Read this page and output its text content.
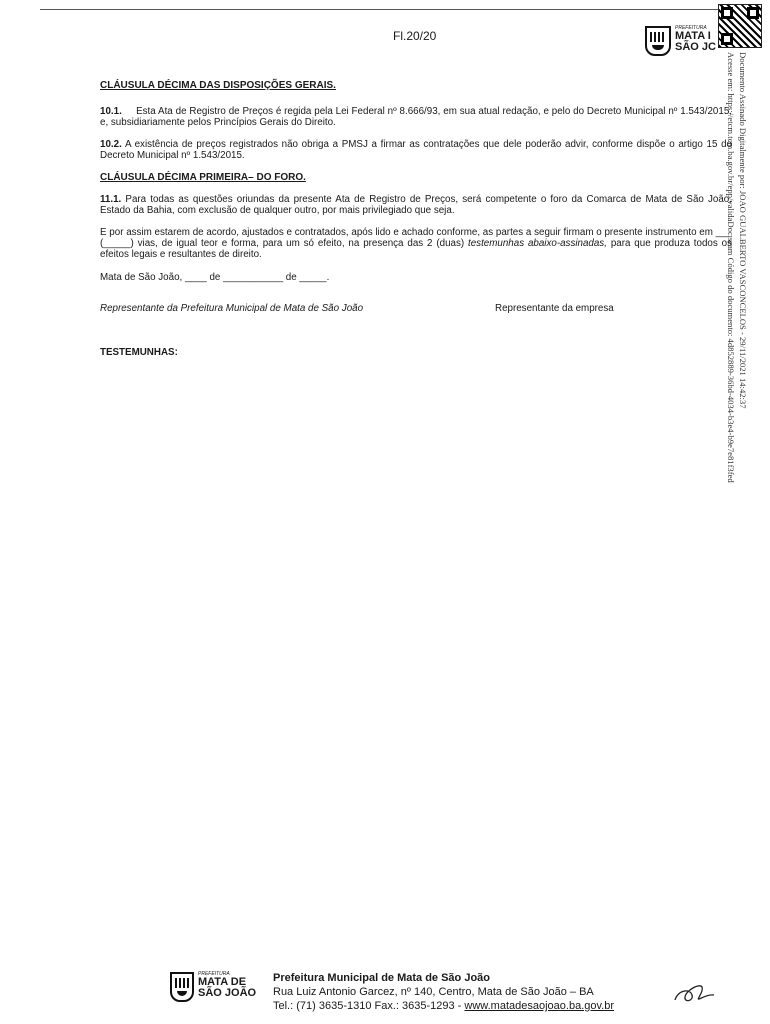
Fl.20/20
PREFEITURA
MATA I
SÃO JC
Documento Assinado Digitalmente por: JOAO GUALBERTO VASCONCELOS - 29/11/2021 14:42:37
Acesse em: https://etcm.tcm.ba.gov.br/epp/validaDoc.seam Código do documento: 4d852889-36bd-4034-b3e4-b9e7e81f3fed

CLÁUSULA DÉCIMA DAS DISPOSIÇÕES GERAIS.

10.1. Esta Ata de Registro de Preços é regida pela Lei Federal nº 8.666/93, em sua atual redação, e pelo do Decreto Municipal nº 1.543/2015, e, subsidiariamente pelos Princípios Gerais do Direito.

10.2. A existência de preços registrados não obriga a PMSJ a firmar as contratações que dele poderão advir, conforme dispõe o artigo 15 do Decreto Municipal nº 1.543/2015.

CLÁUSULA DÉCIMA PRIMEIRA– DO FORO.

11.1. Para todas as questões oriundas da presente Ata de Registro de Preços, será competente o foro da Comarca de Mata de São João, Estado da Bahia, com exclusão de qualquer outro, por mais privilegiado que seja.

E por assim estarem de acordo, ajustados e contratados, após lido e achado conforme, as partes a seguir firmam o presente instrumento em ___ (_____) vias, de igual teor e forma, para um só efeito, na presença das 2 (duas) testemunhas abaixo-assinadas, para que produza todos os efeitos legais e resultantes de direito.

Mata de São João, ____ de ___________ de _____.

Representante da Prefeitura Municipal de Mata de São João	Representante da empresa

TESTEMUNHAS:

PREFEITURA
MATA DE
SÃO JOÃO
Prefeitura Municipal de Mata de São João
Rua Luiz Antonio Garcez, nº 140, Centro, Mata de São João – BA
Tel.: (71) 3635-1310 Fax.: 3635-1293 - www.matadesaojoao.ba.gov.br
